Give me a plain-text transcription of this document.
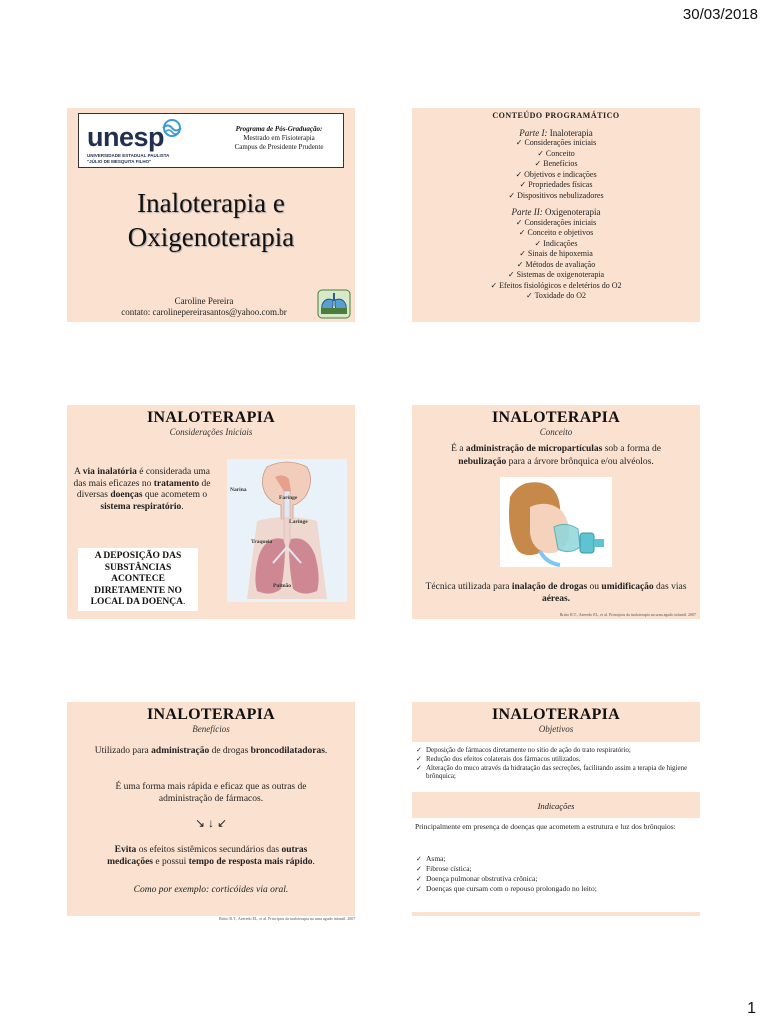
30/03/2018
unesp
UNIVERSIDADE ESTADUAL PAULISTA
"JÚLIO DE MESQUITA FILHO"
Programa de Pós-Graduação:
Mestrado em Fisioterapia
Campus de Presidente Prudente
Inaloterapia e
Oxigenoterapia
Caroline Pereira
contato: carolinepereirasantos@yahoo.com.br
CONTEÚDO PROGRAMÁTICO
Parte I: Inaloterapia
✓ Considerações iniciais
✓ Conceito
✓ Benefícios
✓ Objetivos e indicações
✓ Propriedades físicas
✓ Dispositivos nebulizadores
Parte II: Oxigenoterapia
✓ Considerações iniciais
✓ Conceito e objetivos
✓ Indicações
✓ Sinais de hipoxemia
✓ Métodos de avaliação
✓ Sistemas de oxigenoterapia
✓ Efeitos fisiológicos e deletérios do O2
✓ Toxidade do O2
INALOTERAPIA
Considerações Iniciais
A via inalatória é considerada uma das mais eficazes no tratamento de diversas doenças que acometem o sistema respiratório.
A DEPOSIÇÃO DAS
SUBSTÂNCIAS
ACONTECE
DIRETAMENTE NO
LOCAL DA DOENÇA.
Narina
Faringe
Laringe
Traqueia
Pulmão
INALOTERAPIA
Conceito
É a administração de micropartículas sob a forma de nebulização para a árvore brônquica e/ou alvéolos.
Técnica utilizada para inalação de drogas ou umidificação das vias aéreas.
Britto R.T., Azeredo EL, et al. Princípios da inaloterapia na urna agudo infantil. 2007
INALOTERAPIA
Benefícios
Utilizado para administração de drogas broncodilatadoras.
É uma forma mais rápida e eficaz que as outras de administração de fármacos.
↘ ↓ ↙
Evita os efeitos sistêmicos secundários das outras medicações e possui tempo de resposta mais rápido.
Como por exemplo: corticóides via oral.
Britto R.T., Azeredo EL, et al. Princípios da inaloterapia na urna agudo infantil. 2007
INALOTERAPIA
Objetivos
✓ Deposição de fármacos diretamente no sítio de ação do trato respiratório;
✓ Redução dos efeitos colaterais dos fármacos utilizados.
✓ Alteração do muco através da hidratação das secreções, facilitando assim a terapia de higiene brônquica;
Indicações
Principalmente em presença de doenças que acometem a estrutura e luz dos brônquios:
✓ Asma;
✓ Fibrose cística;
✓ Doença pulmonar obstrutiva crônica;
✓ Doenças que cursam com o repouso prolongado no leito;
1
